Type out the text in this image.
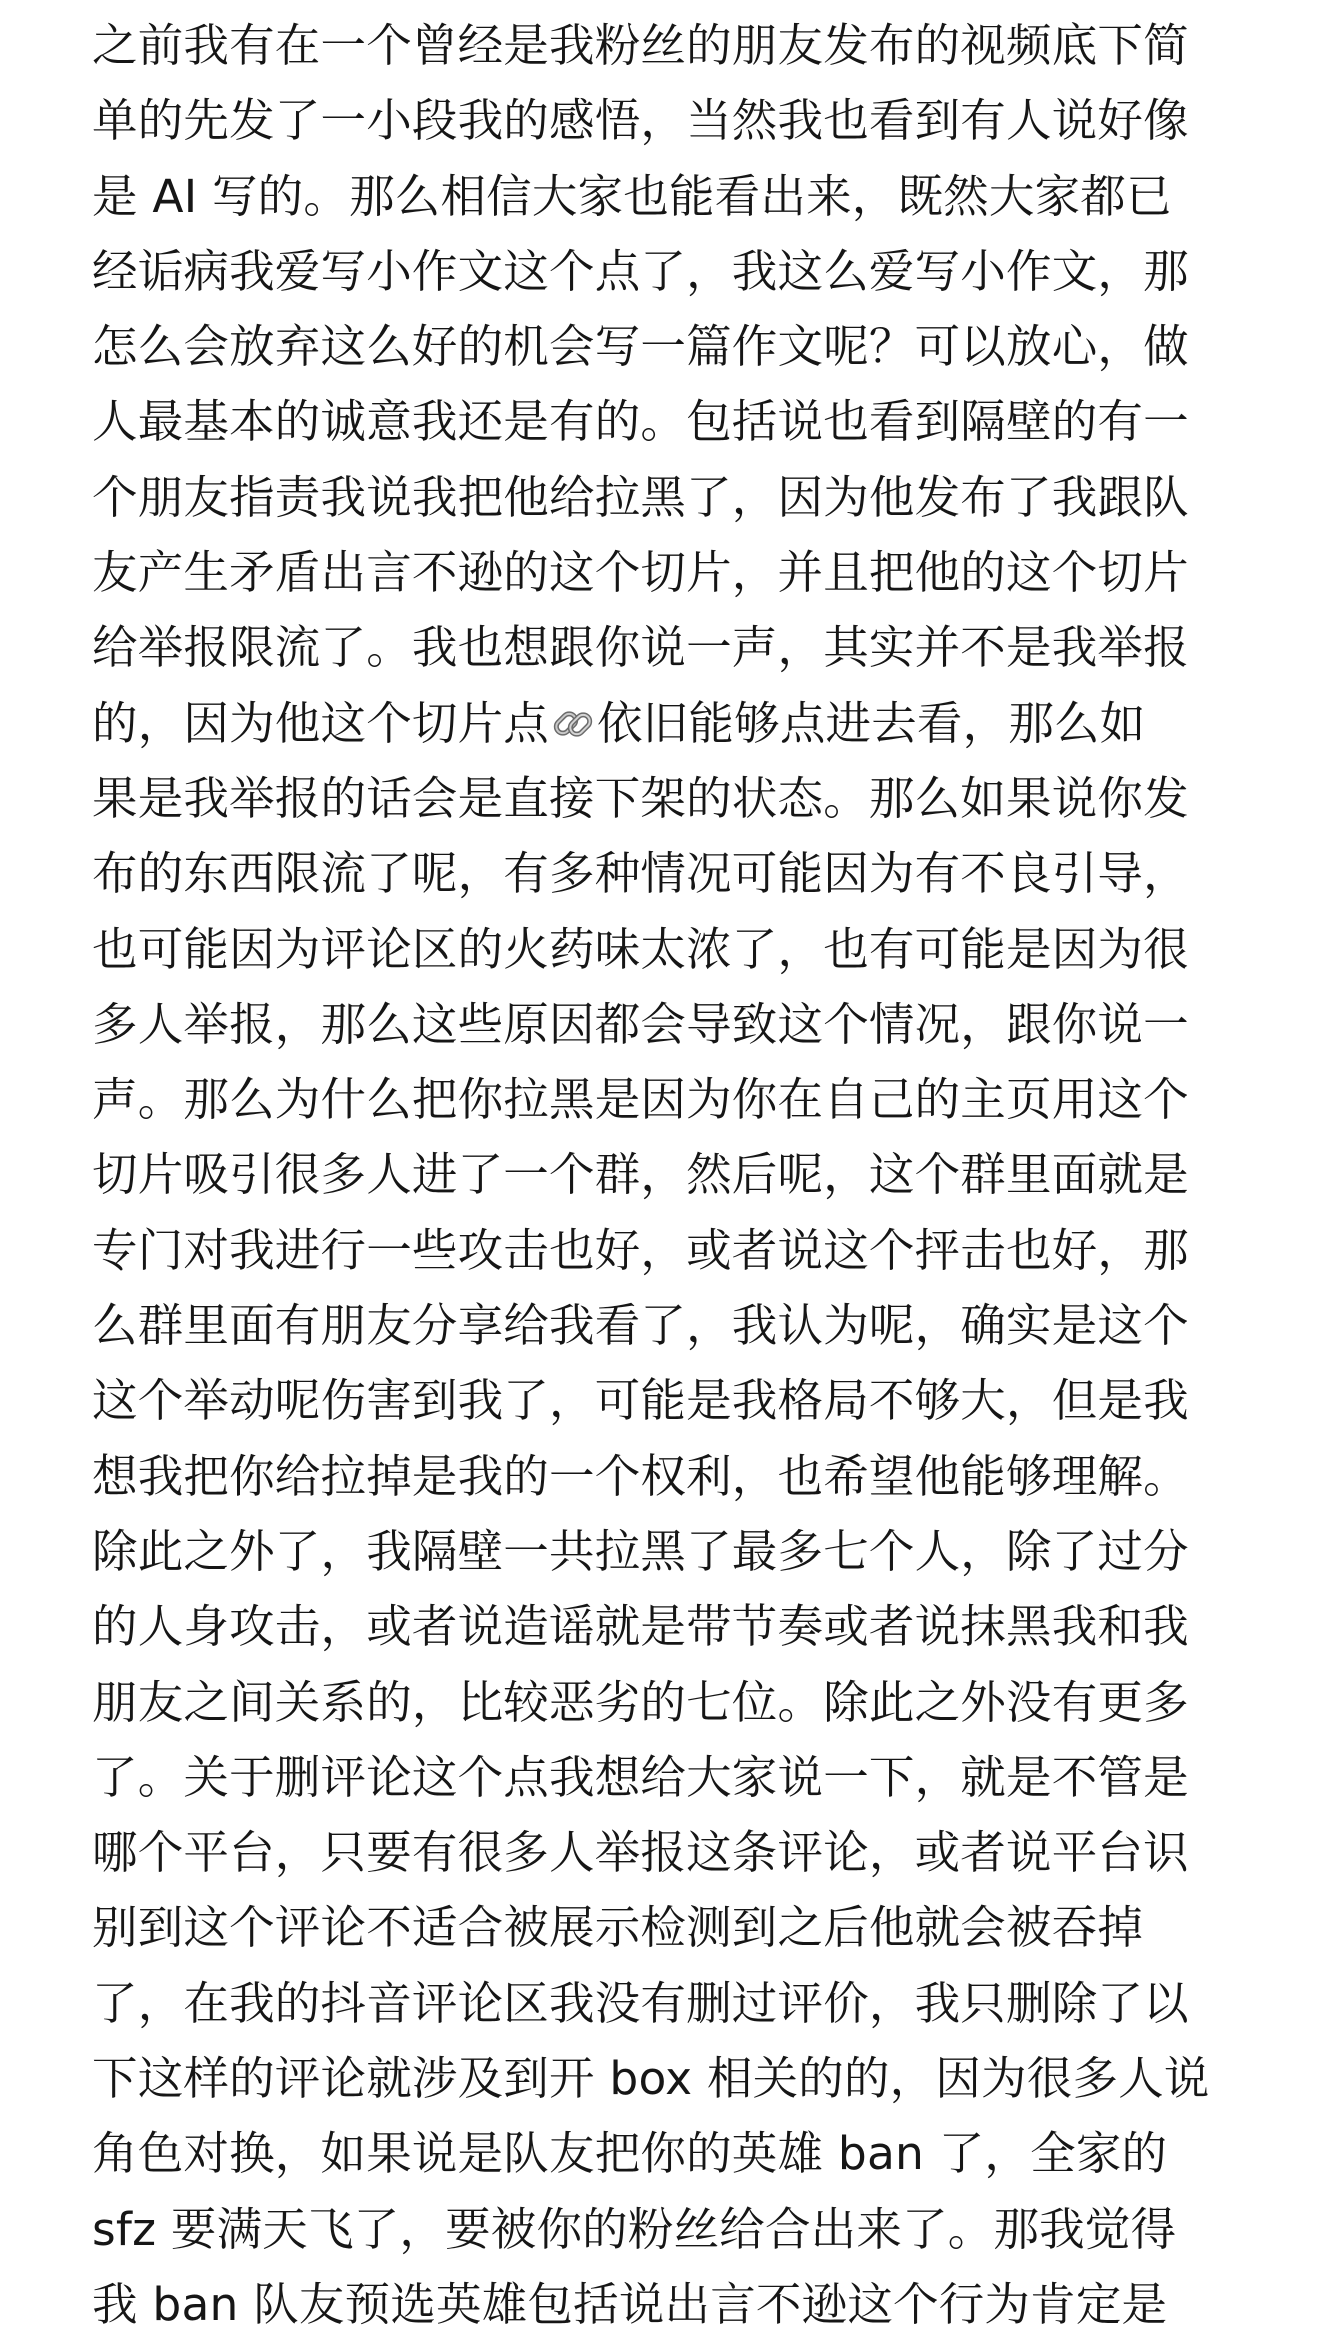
之前我有在一个曾经是我粉丝的朋友发布的视频底下简
单的先发了一小段我的感悟，当然我也看到有人说好像
是 AI 写的。那么相信大家也能看出来，既然大家都已
经诟病我爱写小作文这个点了，我这么爱写小作文，那
怎么会放弃这么好的机会写一篇作文呢？可以放心，做
人最基本的诚意我还是有的。包括说也看到隔壁的有一
个朋友指责我说我把他给拉黑了，因为他发布了我跟队
友产生矛盾出言不逊的这个切片，并且把他的这个切片
给举报限流了。我也想跟你说一声，其实并不是我举报
的，因为他这个切片点 依旧能够点进去看，那么如
果是我举报的话会是直接下架的状态。那么如果说你发
布的东西限流了呢，有多种情况可能因为有不良引导，
也可能因为评论区的火药味太浓了，也有可能是因为很
多人举报，那么这些原因都会导致这个情况，跟你说一
声。那么为什么把你拉黑是因为你在自己的主页用这个
切片吸引很多人进了一个群，然后呢，这个群里面就是
专门对我进行一些攻击也好，或者说这个抨击也好，那
么群里面有朋友分享给我看了，我认为呢，确实是这个
这个举动呢伤害到我了，可能是我格局不够大，但是我
想我把你给拉掉是我的一个权利，也希望他能够理解。
除此之外了，我隔壁一共拉黑了最多七个人，除了过分
的人身攻击，或者说造谣就是带节奏或者说抹黑我和我
朋友之间关系的，比较恶劣的七位。除此之外没有更多
了。关于删评论这个点我想给大家说一下，就是不管是
哪个平台，只要有很多人举报这条评论，或者说平台识
别到这个评论不适合被展示检测到之后他就会被吞掉
了，在我的抖音评论区我没有删过评价，我只删除了以
下这样的评论就涉及到开 box 相关的的，因为很多人说
角色对换，如果说是队友把你的英雄 ban 了，全家的
sfz 要满天飞了，要被你的粉丝给合出来了。那我觉得
我 ban 队友预选英雄包括说出言不逊这个行为肯定是
